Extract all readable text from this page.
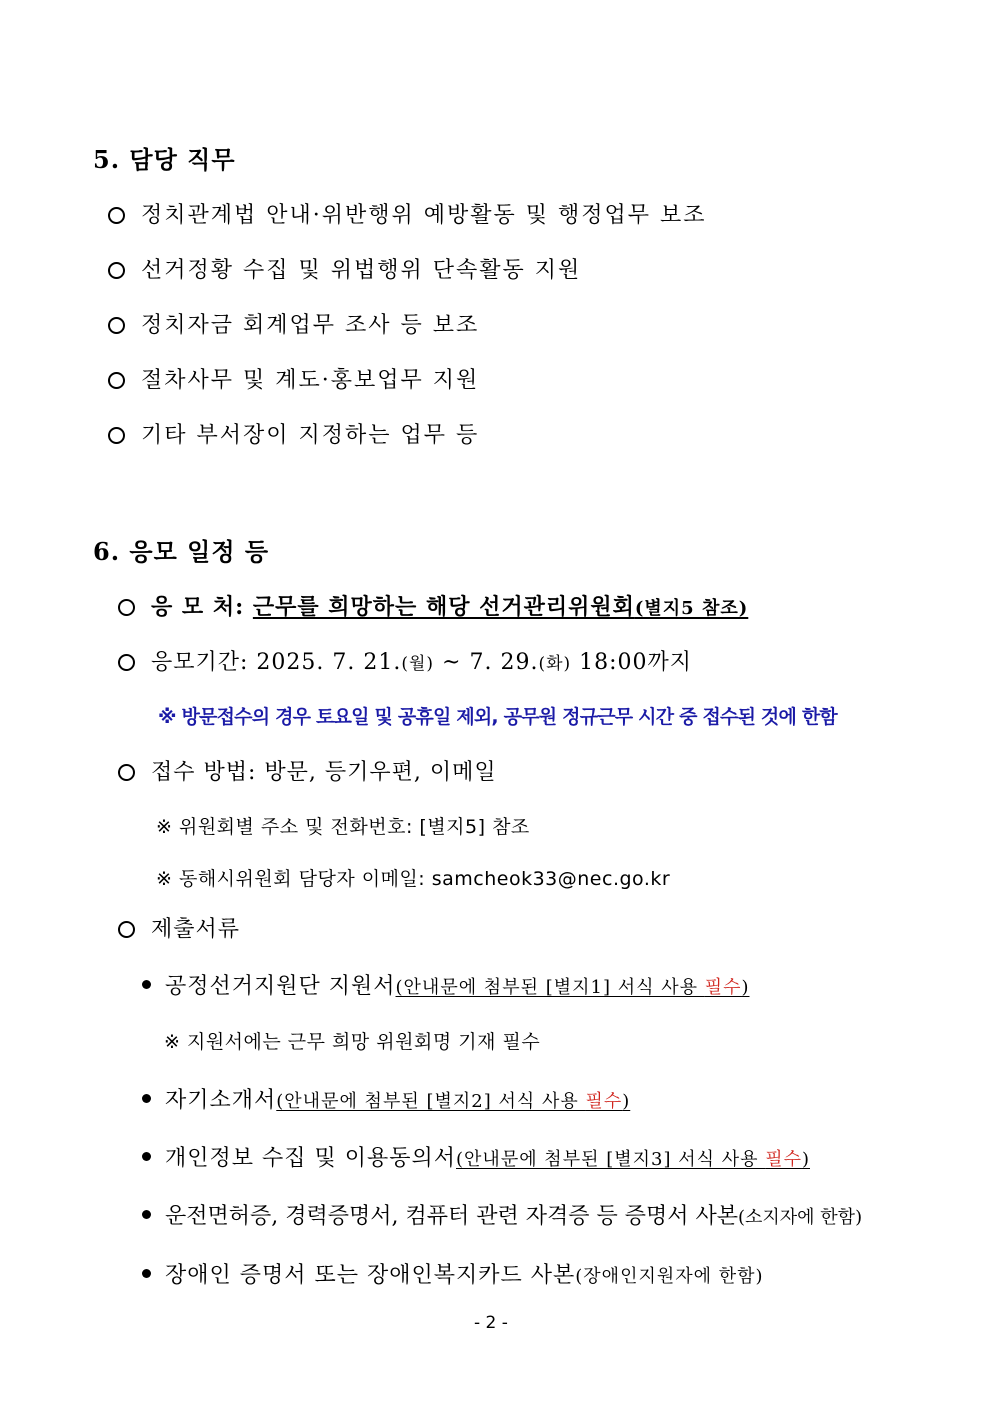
5. 담당 직무
정치관계법 안내·위반행위 예방활동 및 행정업무 보조
선거정황 수집 및 위법행위 단속활동 지원
정치자금 회계업무 조사 등 보조
절차사무 및 계도·홍보업무 지원
기타 부서장이 지정하는 업무 등
6. 응모 일정 등
응 모 처: 근무를 희망하는 해당 선거관리위원회(별지5 참조)
응모기간: 2025. 7. 21.(월) ~ 7. 29.(화) 18:00까지
※ 방문접수의 경우 토요일 및 공휴일 제외, 공무원 정규근무 시간 중 접수된 것에 한함
접수 방법: 방문, 등기우편, 이메일
※ 위원회별 주소 및 전화번호: [별지5] 참조
※ 동해시위원회 담당자 이메일: samcheok33@nec.go.kr
제출서류
공정선거지원단 지원서(안내문에 첨부된 [별지1] 서식 사용 필수)
※ 지원서에는 근무 희망 위원회명 기재 필수
자기소개서(안내문에 첨부된 [별지2] 서식 사용 필수)
개인정보 수집 및 이용동의서(안내문에 첨부된 [별지3] 서식 사용 필수)
운전면허증, 경력증명서, 컴퓨터 관련 자격증 등 증명서 사본(소지자에 한함)
장애인 증명서 또는 장애인복지카드 사본(장애인지원자에 한함)
- 2 -
